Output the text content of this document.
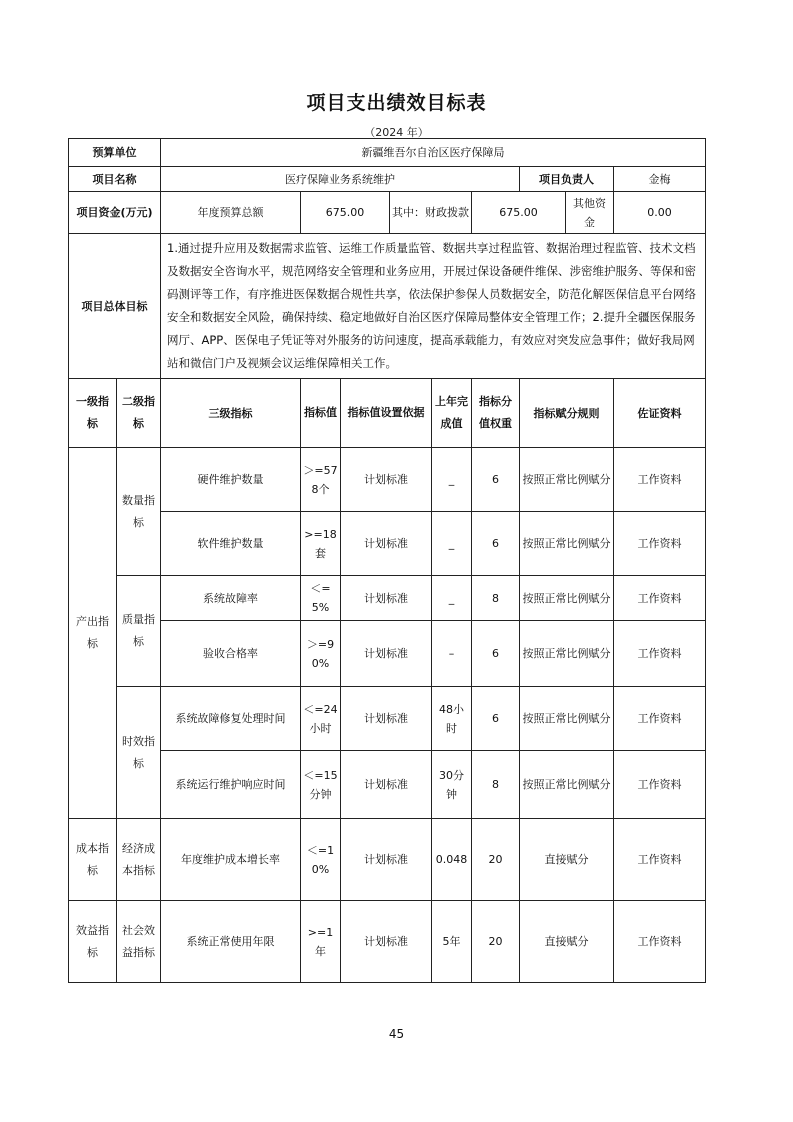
项目支出绩效目标表
（2024 年）
预算单位		新疆维吾尔自治区医疗保障局								
项目名称		医疗保障业务系统维护						项目负责人		金梅
项目资金(万元)		年度预算总额	675.00		其中：财政拨款		675.00		其他资金	0.00
项目总体目标		1.通过提升应用及数据需求监管、运维工作质量监管、数据共享过程监管、数据治理过程监管、技术文档及数据安全咨询水平，规范网络安全管理和业务应用，开展过保设备硬件维保、涉密维护服务、等保和密码测评等工作，有序推进医保数据合规性共享，依法保护参保人员数据安全，防范化解医保信息平台网络安全和数据安全风险，确保持续、稳定地做好自治区医疗保障局整体安全管理工作；2.提升全疆医保服务网厅、APP、医保电子凭证等对外服务的访问速度，提高承载能力，有效应对突发应急事件；做好我局网站和微信门户及视频会议运维保障相关工作。								
一级指标	二级指标	三级指标	指标值	指标值设置依据		上年完成值	指标分值权重	指标赋分规则		佐证资料
产出指标	数量指标	硬件维护数量	＞=578个	计划标准		_	6	按照正常比例赋分		工作资料
		软件维护数量	>=18套	计划标准		_	6	按照正常比例赋分		工作资料
	质量指标	系统故障率	＜=5%	计划标准		_	8	按照正常比例赋分		工作资料
		验收合格率	＞=90%	计划标准		–	6	按照正常比例赋分		工作资料
	时效指标	系统故障修复处理时间	＜=24小时	计划标准		48小时	6	按照正常比例赋分		工作资料
		系统运行维护响应时间	＜=15分钟	计划标准		30分钟	8	按照正常比例赋分		工作资料
成本指标	经济成本指标	年度维护成本增长率	＜=10%	计划标准		0.048	20	直接赋分		工作资料
效益指标	社会效益指标	系统正常使用年限	>=1年	计划标准		5年	20	直接赋分		工作资料
45
